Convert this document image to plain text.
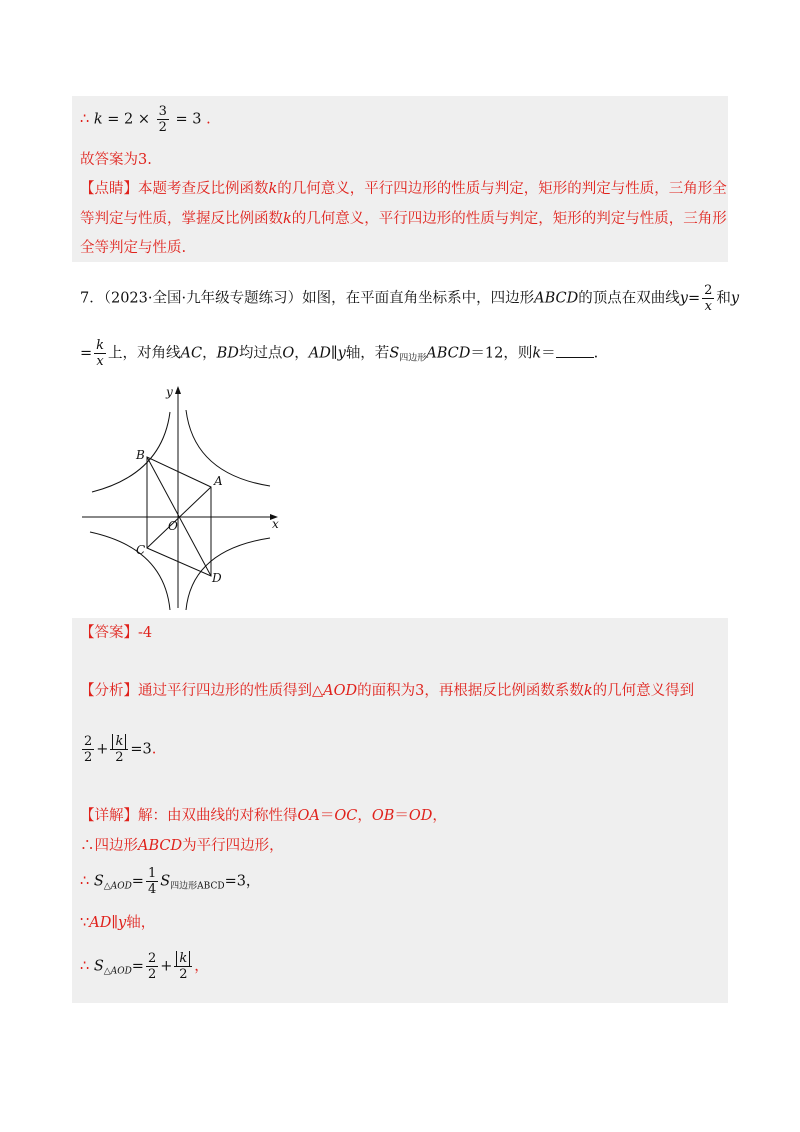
∴ $k = 2 \times \frac{3}{2} = 3$ .
故答案为3.
【点睛】本题考查反比例函数k的几何意义，平行四边形的性质与判定，矩形的判定与性质，三角形全
等判定与性质，掌握反比例函数k的几何意义，平行四边形的性质与判定，矩形的判定与性质，三角形
全等判定与性质.
7．（2023·全国·九年级专题练习）如图，在平面直角坐标系中，四边形ABCD的顶点在双曲线$y= \frac{2}{x}$ 和y
= $\frac{k}{x}$ 上，对角线AC，BD均过点O，AD∥y轴，若$S_{四边形}ABCD=12$，则k＝	.
y
x
B
A
O
C
D
【答案】-4
【分析】通过平行四边形的性质得到△AOD的面积为3，再根据反比例函数系数k的几何意义得到
$\frac{2}{2} + \frac{k}{2} =3$.
【详解】解：由双曲线的对称性得OA＝OC，OB＝OD，
∴四边形ABCD为平行四边形，
∴ $S_{\triangle AOD}= \frac{1}{4} S_{四边形ABCD}=3$，
∵AD∥y轴，
∴ $S_{\triangle AOD}= \frac{2}{2} + \frac{k}{2}$ ，
